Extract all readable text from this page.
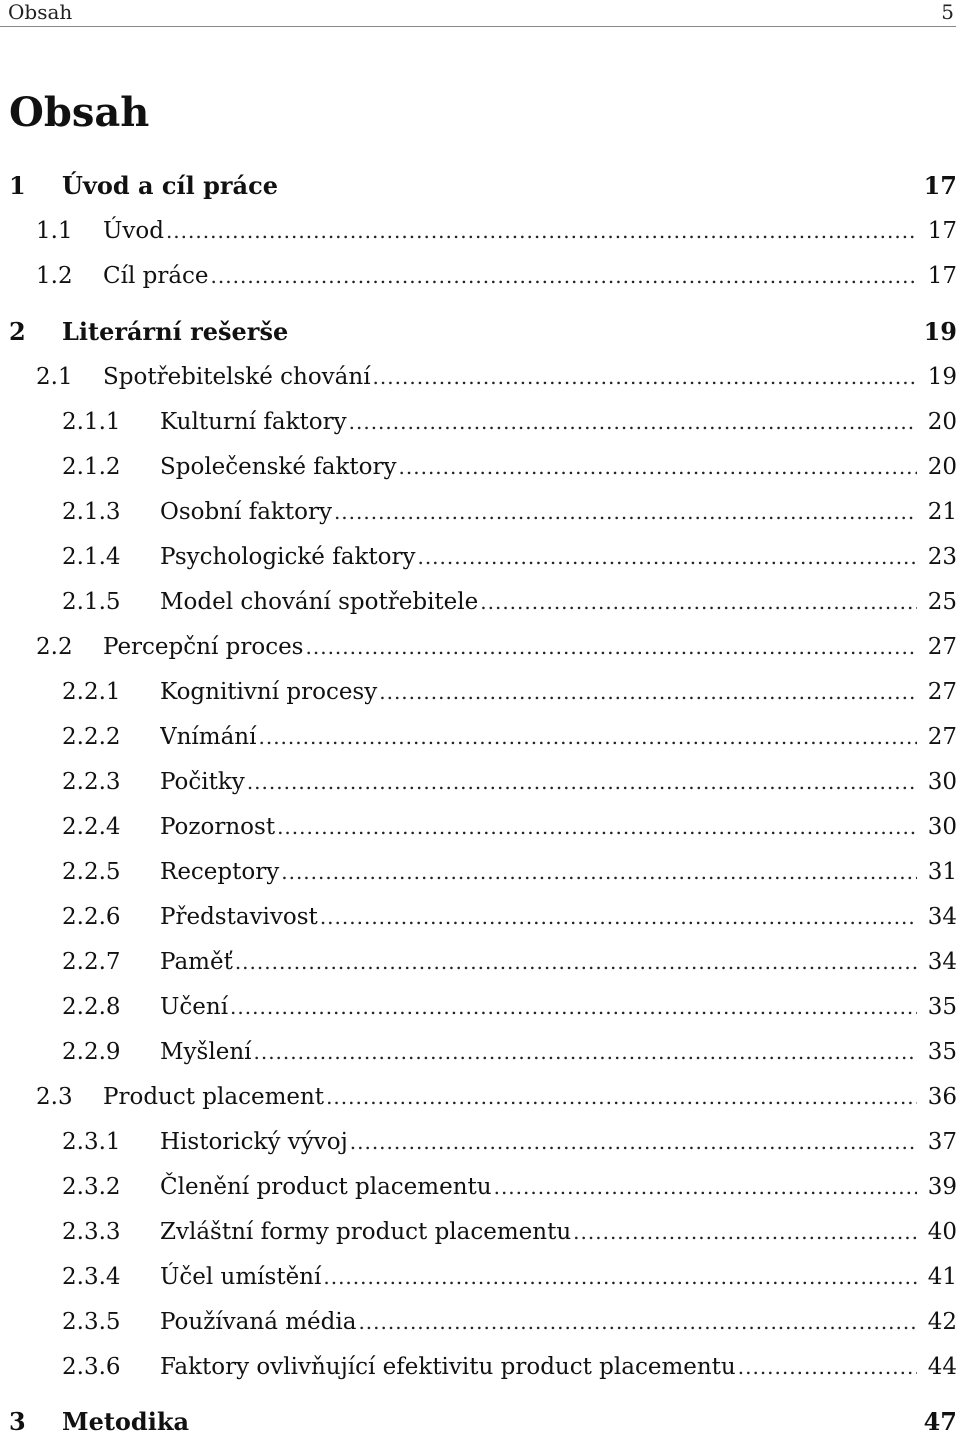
Obsah	5
Obsah
1 Úvod a cíl práce	17
1.1 Úvod .....	17
1.2 Cíl práce .....	17
2 Literární rešerše	19
2.1 Spotřebitelské chování .....	19
2.1.1 Kulturní faktory .....	20
2.1.2 Společenské faktory .....	20
2.1.3 Osobní faktory .....	21
2.1.4 Psychologické faktory .....	23
2.1.5 Model chování spotřebitele .....	25
2.2 Percepční proces .....	27
2.2.1 Kognitivní procesy .....	27
2.2.2 Vnímání .....	27
2.2.3 Počitky .....	30
2.2.4 Pozornost .....	30
2.2.5 Receptory .....	31
2.2.6 Představivost .....	34
2.2.7 Paměť .....	34
2.2.8 Učení .....	35
2.2.9 Myšlení .....	35
2.3 Product placement .....	36
2.3.1 Historický vývoj .....	37
2.3.2 Členění product placementu .....	39
2.3.3 Zvláštní formy product placementu .....	40
2.3.4 Účel umístění .....	41
2.3.5 Používaná média .....	42
2.3.6 Faktory ovlivňující efektivitu product placementu .....	44
3 Metodika	47
